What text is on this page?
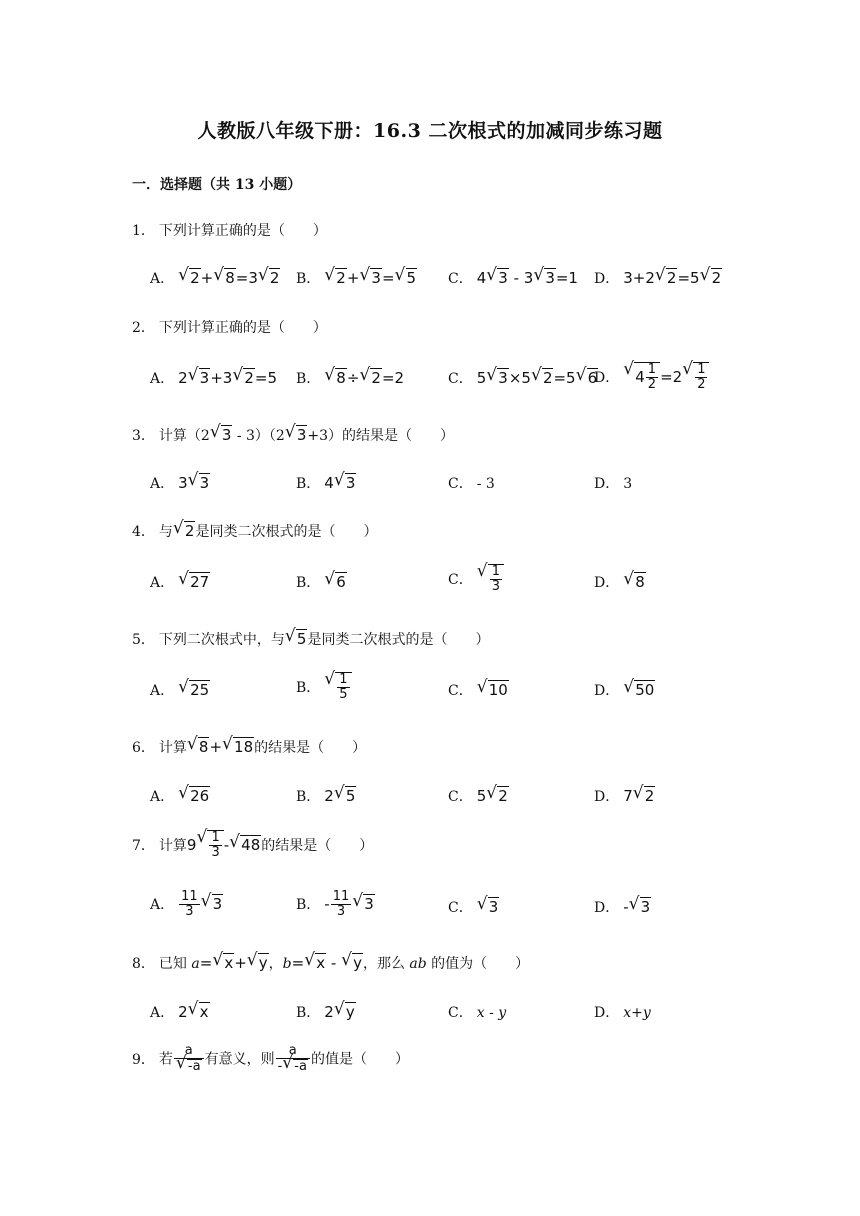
人教版八年级下册：16.3 二次根式的加减同步练习题
一．选择题（共 13 小题）
1． 下列计算正确的是（　　）
A． √ 2+ √ 8=3 √ 2 B． √ 2+ √ 3= √ 5 C． 4 √ 3 - 3 √ 3=1 D． 3+2 √ 2=5 √ 2
2． 下列计算正确的是（　　）
A． 2 √ 3+3 √ 2=5 B． √ 8÷ √ 2=2	C． 5 √ 3×5 √ 2=5 √ 6
D． √ $4 \frac{1}{2} =2$ √ $\frac{1}{2}$
3． 计算（2 √ 3 - 3）（2 √ 3+3）的结果是（　　）
A． 3 √ 3	B． 4 √ 3	C． - 3	D． 3
4． 与 √ 2是同类二次根式的是（　　）
A． √ 27	B． √ 6	C． √ $\frac{1}{3}$	D． √ 8
5． 下列二次根式中，与 √ 5是同类二次根式的是（　　）
A． √ 25	B． √ $\frac{1}{5}$	C． √ 10	D． √ 50
6． 计算 √ 8+ √ 18的结果是（　　）
A． √ 26	B． 2 √ 5	C． 5 √ 2	D． 7 √ 2
7． 计算9 √ $\frac{1}{3}$ - √ 48的结果是（　　）
A． $\frac{11}{3}$ √ 3	B． - $\frac{11}{3}$ √ 3	C． √ 3	D． - √ 3
8． 已知 a= √ x+ √ y，b= √ x - √ y，那么 ab 的值为（　　）
A． 2 √ x	B． 2 √ y	C． x - y	D． x+y
9． 若 a
√ -a 有意义，则 $\frac{a}{- √ -a}$ 的值是（　　）
